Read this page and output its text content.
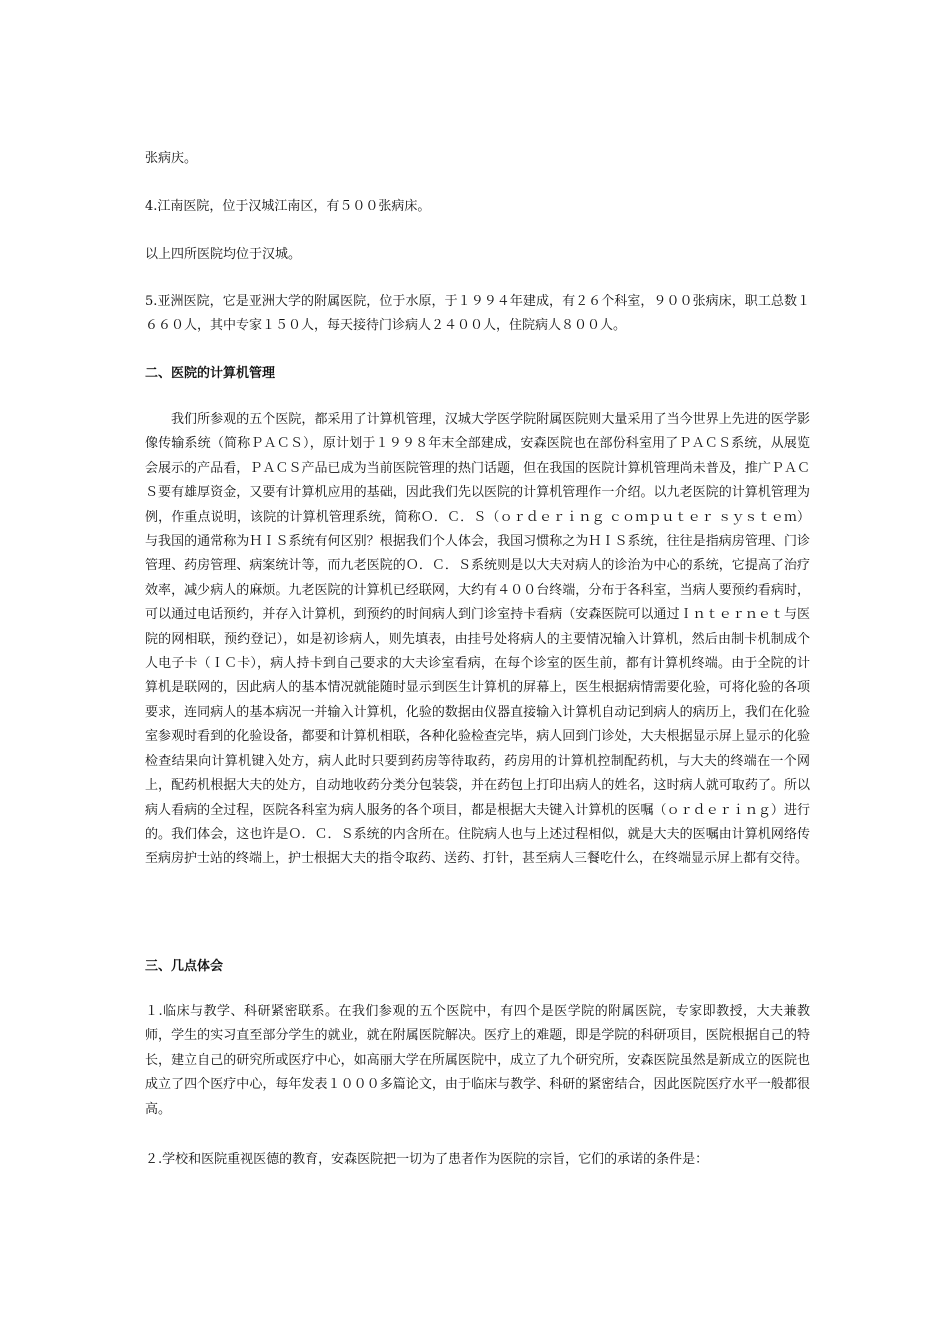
张病庆。

4.江南医院，位于汉城江南区，有５００张病床。

以上四所医院均位于汉城。

5.亚洲医院，它是亚洲大学的附属医院，位于水原，于１９９４年建成，有２６个科室，９００张病床，职工总数１６６０人，其中专家１５０人，每天接待门诊病人２４００人，住院病人８００人。

二、医院的计算机管理

我们所参观的五个医院，都采用了计算机管理，汉城大学医学院附属医院则大量采用了当今世界上先进的医学影像传输系统（简称ＰＡＣＳ），原计划于１９９８年末全部建成，安森医院也在部份科室用了ＰＡＣＳ系统，从展览会展示的产品看，ＰＡＣＳ产品已成为当前医院管理的热门话题，但在我国的医院计算机管理尚未普及，推广ＰＡＣＳ要有雄厚资金，又要有计算机应用的基础，因此我们先以医院的计算机管理作一介绍。以九老医院的计算机管理为例，作重点说明，该院的计算机管理系统，简称Ｏ．Ｃ．Ｓ（ｏｒｄｅｒｉｎｇ ｃｏｍｐｕｔｅｒ ｓｙｓｔｅｍ）与我国的通常称为ＨＩＳ系统有何区别？根据我们个人体会，我国习惯称之为ＨＩＳ系统，往往是指病房管理、门诊管理、药房管理、病案统计等，而九老医院的Ｏ．Ｃ．Ｓ系统则是以大夫对病人的诊治为中心的系统，它提高了治疗效率，减少病人的麻烦。九老医院的计算机已经联网，大约有４００台终端，分布于各科室，当病人要预约看病时，可以通过电话预约，并存入计算机，到预约的时间病人到门诊室持卡看病（安森医院可以通过Ｉｎｔｅｒｎｅｔ与医院的网相联，预约登记），如是初诊病人，则先填表，由挂号处将病人的主要情况输入计算机，然后由制卡机制成个人电子卡（ＩＣ卡），病人持卡到自己要求的大夫诊室看病，在每个诊室的医生前，都有计算机终端。由于全院的计算机是联网的，因此病人的基本情况就能随时显示到医生计算机的屏幕上，医生根据病情需要化验，可将化验的各项要求，连同病人的基本病况一并输入计算机，化验的数据由仪器直接输入计算机自动记到病人的病历上，我们在化验室参观时看到的化验设备，都要和计算机相联，各种化验检查完毕，病人回到门诊处，大夫根据显示屏上显示的化验检查结果向计算机键入处方，病人此时只要到药房等待取药，药房用的计算机控制配药机，与大夫的终端在一个网上，配药机根据大夫的处方，自动地收药分类分包装袋，并在药包上打印出病人的姓名，这时病人就可取药了。所以病人看病的全过程，医院各科室为病人服务的各个项目，都是根据大夫键入计算机的医嘱（ｏｒｄｅｒｉｎｇ）进行的。我们体会，这也许是Ｏ．Ｃ．Ｓ系统的内含所在。住院病人也与上述过程相似，就是大夫的医嘱由计算机网络传至病房护士站的终端上，护士根据大夫的指令取药、送药、打针，甚至病人三餐吃什么，在终端显示屏上都有交待。

三、几点体会

１.临床与教学、科研紧密联系。在我们参观的五个医院中，有四个是医学院的附属医院，专家即教授，大夫兼教师，学生的实习直至部分学生的就业，就在附属医院解决。医疗上的难题，即是学院的科研项目，医院根据自己的特长，建立自己的研究所或医疗中心，如高丽大学在所属医院中，成立了九个研究所，安森医院虽然是新成立的医院也成立了四个医疗中心，每年发表１０００多篇论文，由于临床与教学、科研的紧密结合，因此医院医疗水平一般都很高。

２.学校和医院重视医德的教育，安森医院把一切为了患者作为医院的宗旨，它们的承诺的条件是：
